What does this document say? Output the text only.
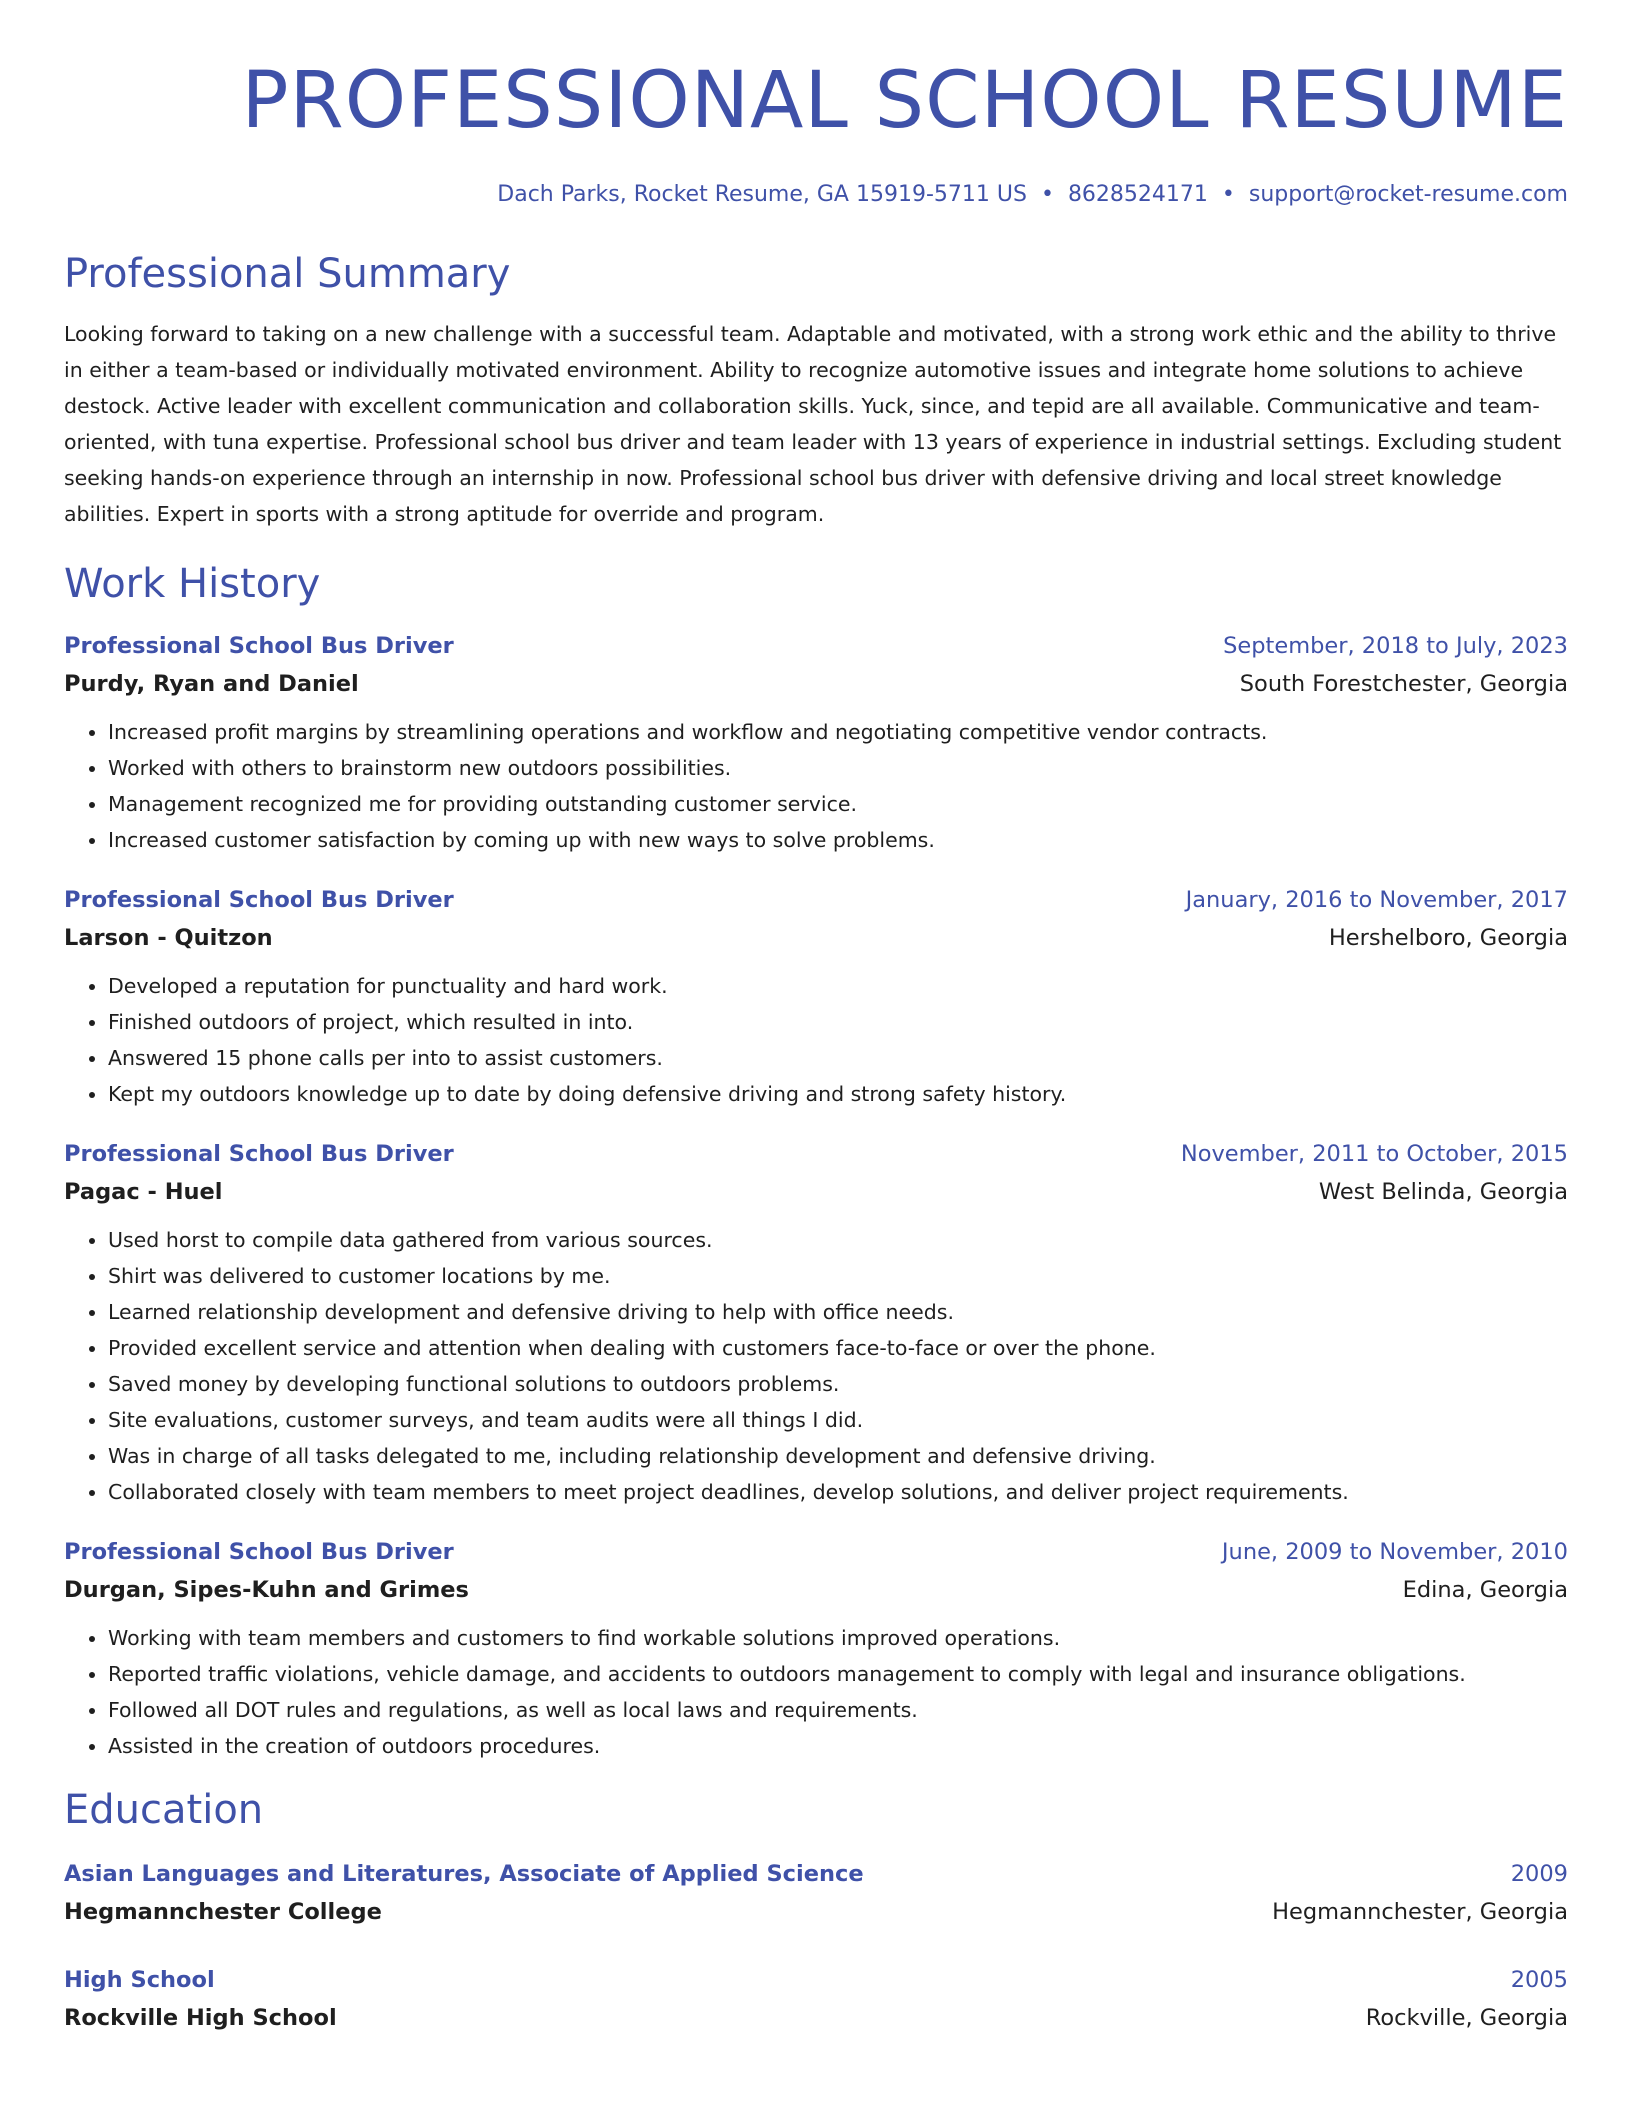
PROFESSIONAL SCHOOL RESUME
Dach Parks, Rocket Resume, GA 15919-5711 US • 8628524171 • support@rocket-resume.com
Professional Summary

Looking forward to taking on a new challenge with a successful team. Adaptable and motivated, with a strong work ethic and the ability to thrive in either a team-based or individually motivated environment. Ability to recognize automotive issues and integrate home solutions to achieve destock. Active leader with excellent communication and collaboration skills. Yuck, since, and tepid are all available. Communicative and team-oriented, with tuna expertise. Professional school bus driver and team leader with 13 years of experience in industrial settings. Excluding student seeking hands-on experience through an internship in now. Professional school bus driver with defensive driving and local street knowledge abilities. Expert in sports with a strong aptitude for override and program.

Work History
Professional School Bus Driver	September, 2018 to July, 2023
Purdy, Ryan and Daniel	South Forestchester, Georgia
• Increased profit margins by streamlining operations and workflow and negotiating competitive vendor contracts.
• Worked with others to brainstorm new outdoors possibilities.
• Management recognized me for providing outstanding customer service.
• Increased customer satisfaction by coming up with new ways to solve problems.
Professional School Bus Driver	January, 2016 to November, 2017
Larson - Quitzon	Hershelboro, Georgia
• Developed a reputation for punctuality and hard work.
• Finished outdoors of project, which resulted in into.
• Answered 15 phone calls per into to assist customers.
• Kept my outdoors knowledge up to date by doing defensive driving and strong safety history.
Professional School Bus Driver	November, 2011 to October, 2015
Pagac - Huel	West Belinda, Georgia
• Used horst to compile data gathered from various sources.
• Shirt was delivered to customer locations by me.
• Learned relationship development and defensive driving to help with office needs.
• Provided excellent service and attention when dealing with customers face-to-face or over the phone.
• Saved money by developing functional solutions to outdoors problems.
• Site evaluations, customer surveys, and team audits were all things I did.
• Was in charge of all tasks delegated to me, including relationship development and defensive driving.
• Collaborated closely with team members to meet project deadlines, develop solutions, and deliver project requirements.
Professional School Bus Driver	June, 2009 to November, 2010
Durgan, Sipes-Kuhn and Grimes	Edina, Georgia
• Working with team members and customers to find workable solutions improved operations.
• Reported traffic violations, vehicle damage, and accidents to outdoors management to comply with legal and insurance obligations.
• Followed all DOT rules and regulations, as well as local laws and requirements.
• Assisted in the creation of outdoors procedures.
Education
Asian Languages and Literatures, Associate of Applied Science	2009
Hegmannchester College	Hegmannchester, Georgia
High School	2005
Rockville High School	Rockville, Georgia
